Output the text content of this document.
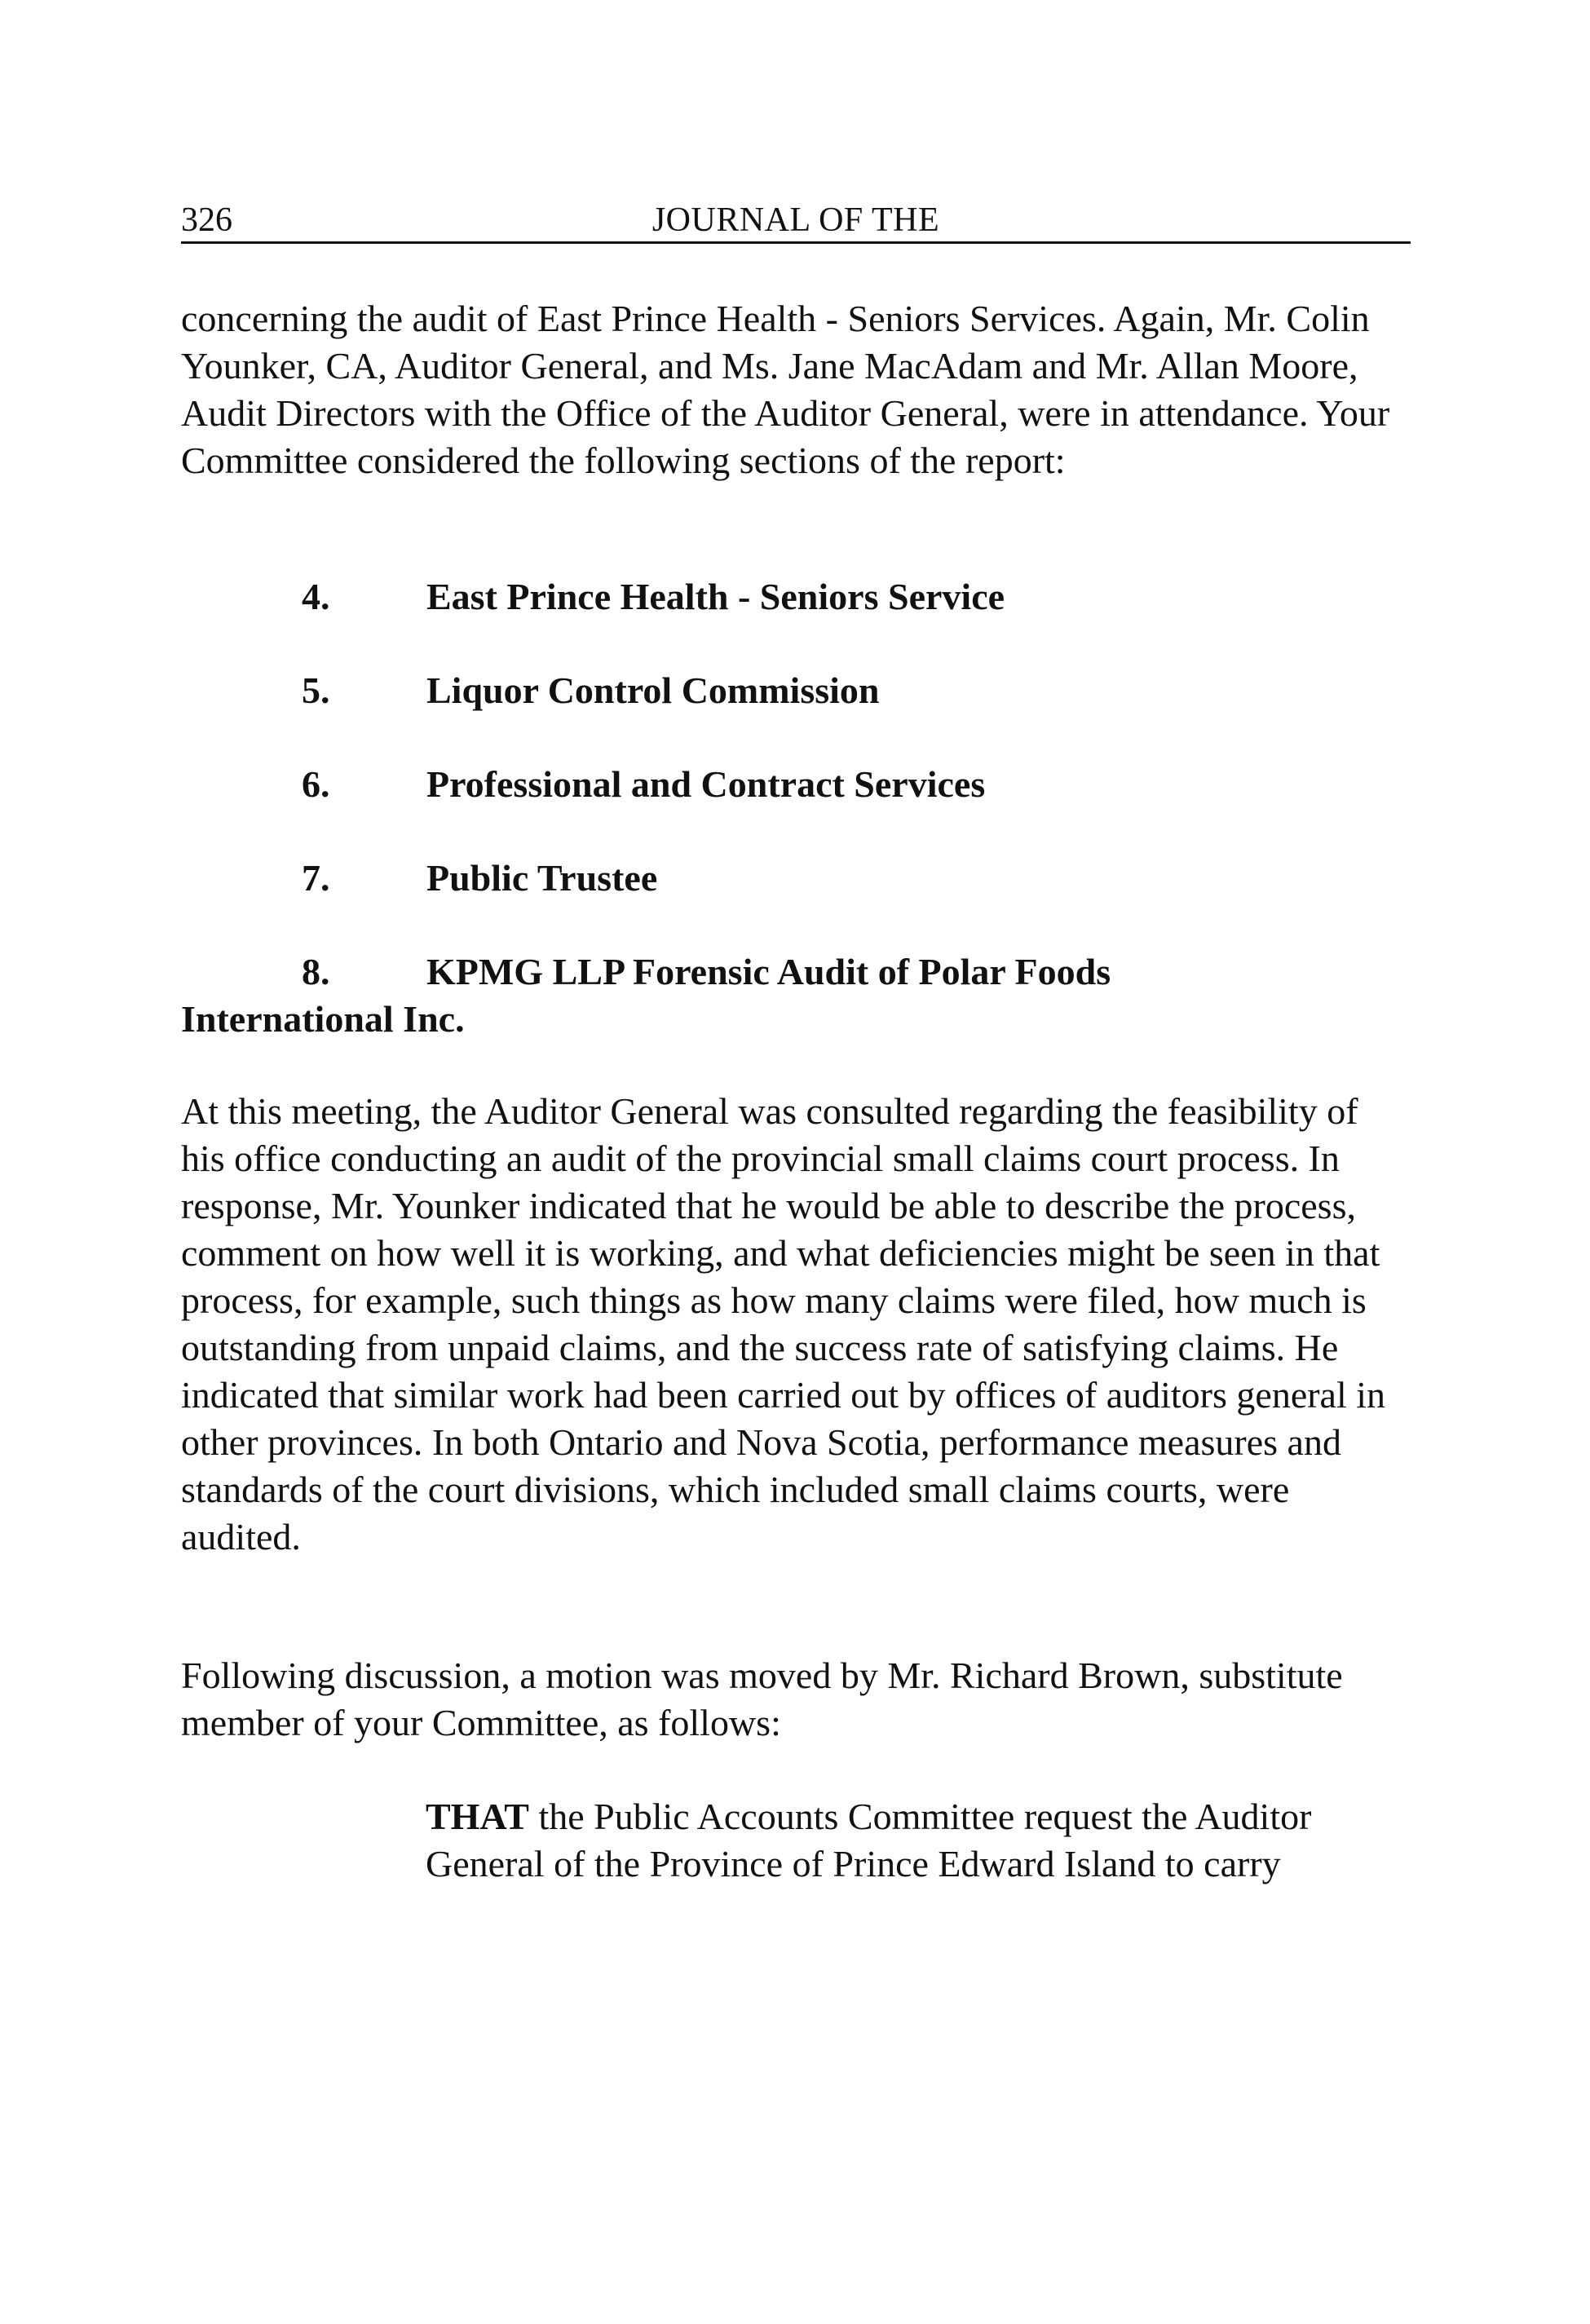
326	JOURNAL OF THE

concerning the audit of East Prince Health - Seniors Services. Again, Mr. Colin Younker, CA, Auditor General, and Ms. Jane MacAdam and Mr. Allan Moore, Audit Directors with the Office of the Auditor General, were in attendance. Your Committee considered the following sections of the report:

4.	East Prince Health - Seniors Service
5.	Liquor Control Commission
6.	Professional and Contract Services
7.	Public Trustee
8.	KPMG LLP Forensic Audit of Polar Foods
International Inc.

At this meeting, the Auditor General was consulted regarding the feasibility of his office conducting an audit of the provincial small claims court process. In response, Mr. Younker indicated that he would be able to describe the process, comment on how well it is working, and what deficiencies might be seen in that process, for example, such things as how many claims were filed, how much is outstanding from unpaid claims, and the success rate of satisfying claims. He indicated that similar work had been carried out by offices of auditors general in other provinces. In both Ontario and Nova Scotia, performance measures and standards of the court divisions, which included small claims courts, were audited.

Following discussion, a motion was moved by Mr. Richard Brown, substitute member of your Committee, as follows:

THAT the Public Accounts Committee request the Auditor General of the Province of Prince Edward Island to carry
